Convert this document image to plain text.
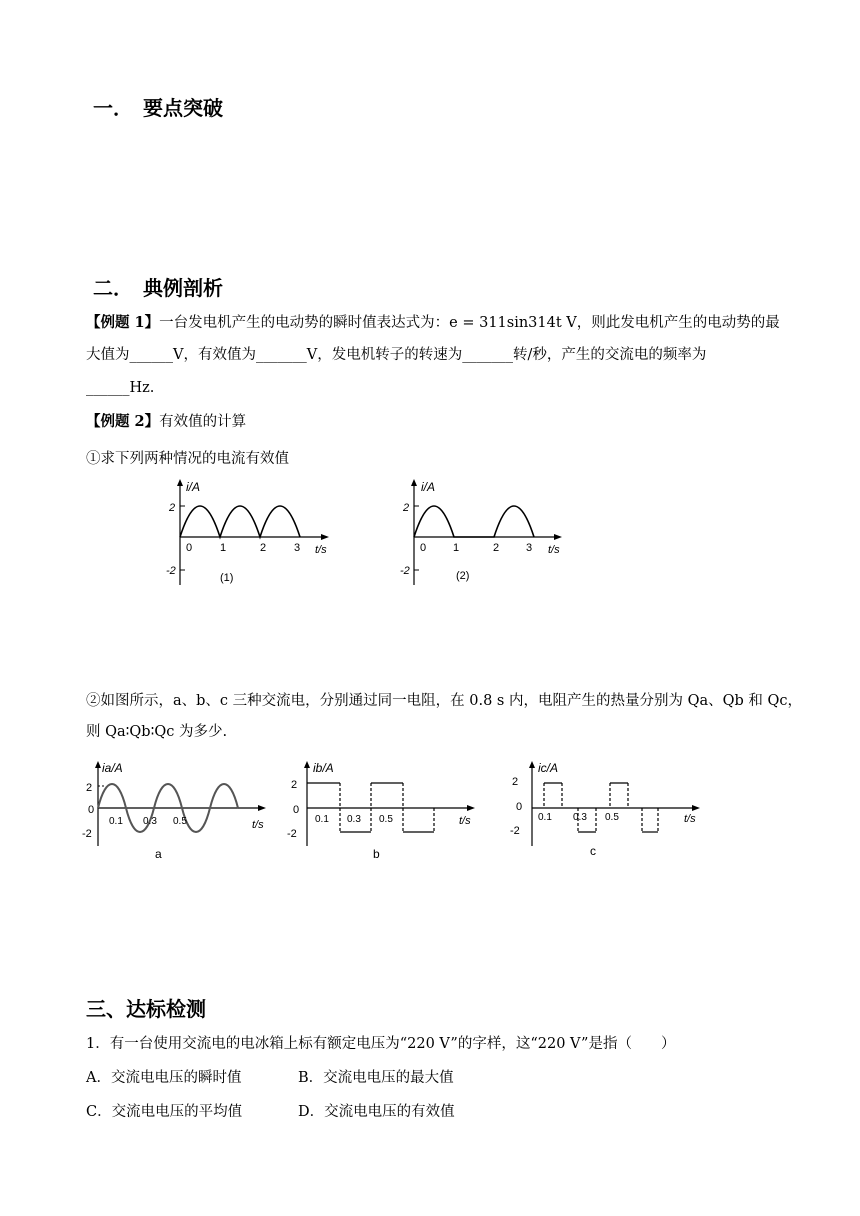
一．　要点突破
二．　典例剖析
【例题 1】一台发电机产生的电动势的瞬时值表达式为：e = 311sin314t V，则此发电机产生的电动势的最
大值为______V，有效值为_______V，发电机转子的转速为_______转/秒，产生的交流电的频率为
______Hz.
【例题 2】有效值的计算
①求下列两种情况的电流有效值
i/A
2
-2
0	1	2	3 t/s
(1)
i/A
2
-2
0 1	2 3 t/s
(2)
②如图所示，a、b、c 三种交流电，分别通过同一电阻，在 0.8 s 内，电阻产生的热量分别为 Qa、Qb 和 Qc，
则 Qa∶Qb∶Qc 为多少.
ia/A
2
0
-2
0.1 0.3 0.5	t/s
a
ib/A
2
0
-2
0.1 0.3 0.5	t/s
b
ic/A
2
0
-2
0.1 0.3 0.5	t/s
c
三、达标检测
1．有一台使用交流电的电冰箱上标有额定电压为“220 V”的字样，这“220 V”是指（　　）
A．交流电电压的瞬时值	B．交流电电压的最大值
C．交流电电压的平均值	D．交流电电压的有效值
